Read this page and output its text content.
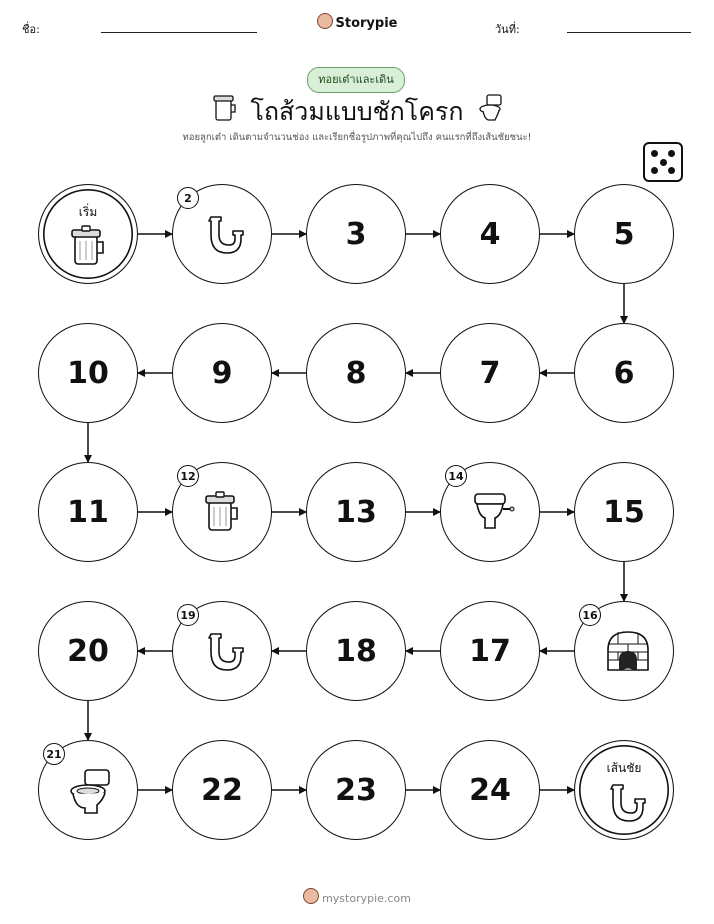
ชื่อ:	Storypie	วันที่:
ทอยเต๋าและเดิน
โถส้วมแบบชักโครก
ทอยลูกเต๋า เดินตามจำนวนช่อง และเรียกชื่อรูปภาพที่คุณไปถึง คนแรกที่ถึงเส้นชัยชนะ!
เริ่ม
2
3	4	5
6
7
8
9
10
11
12
13
14
15
16
17
18
19
20
21
22	23	24
เส้นชัย
mystorypie.com
